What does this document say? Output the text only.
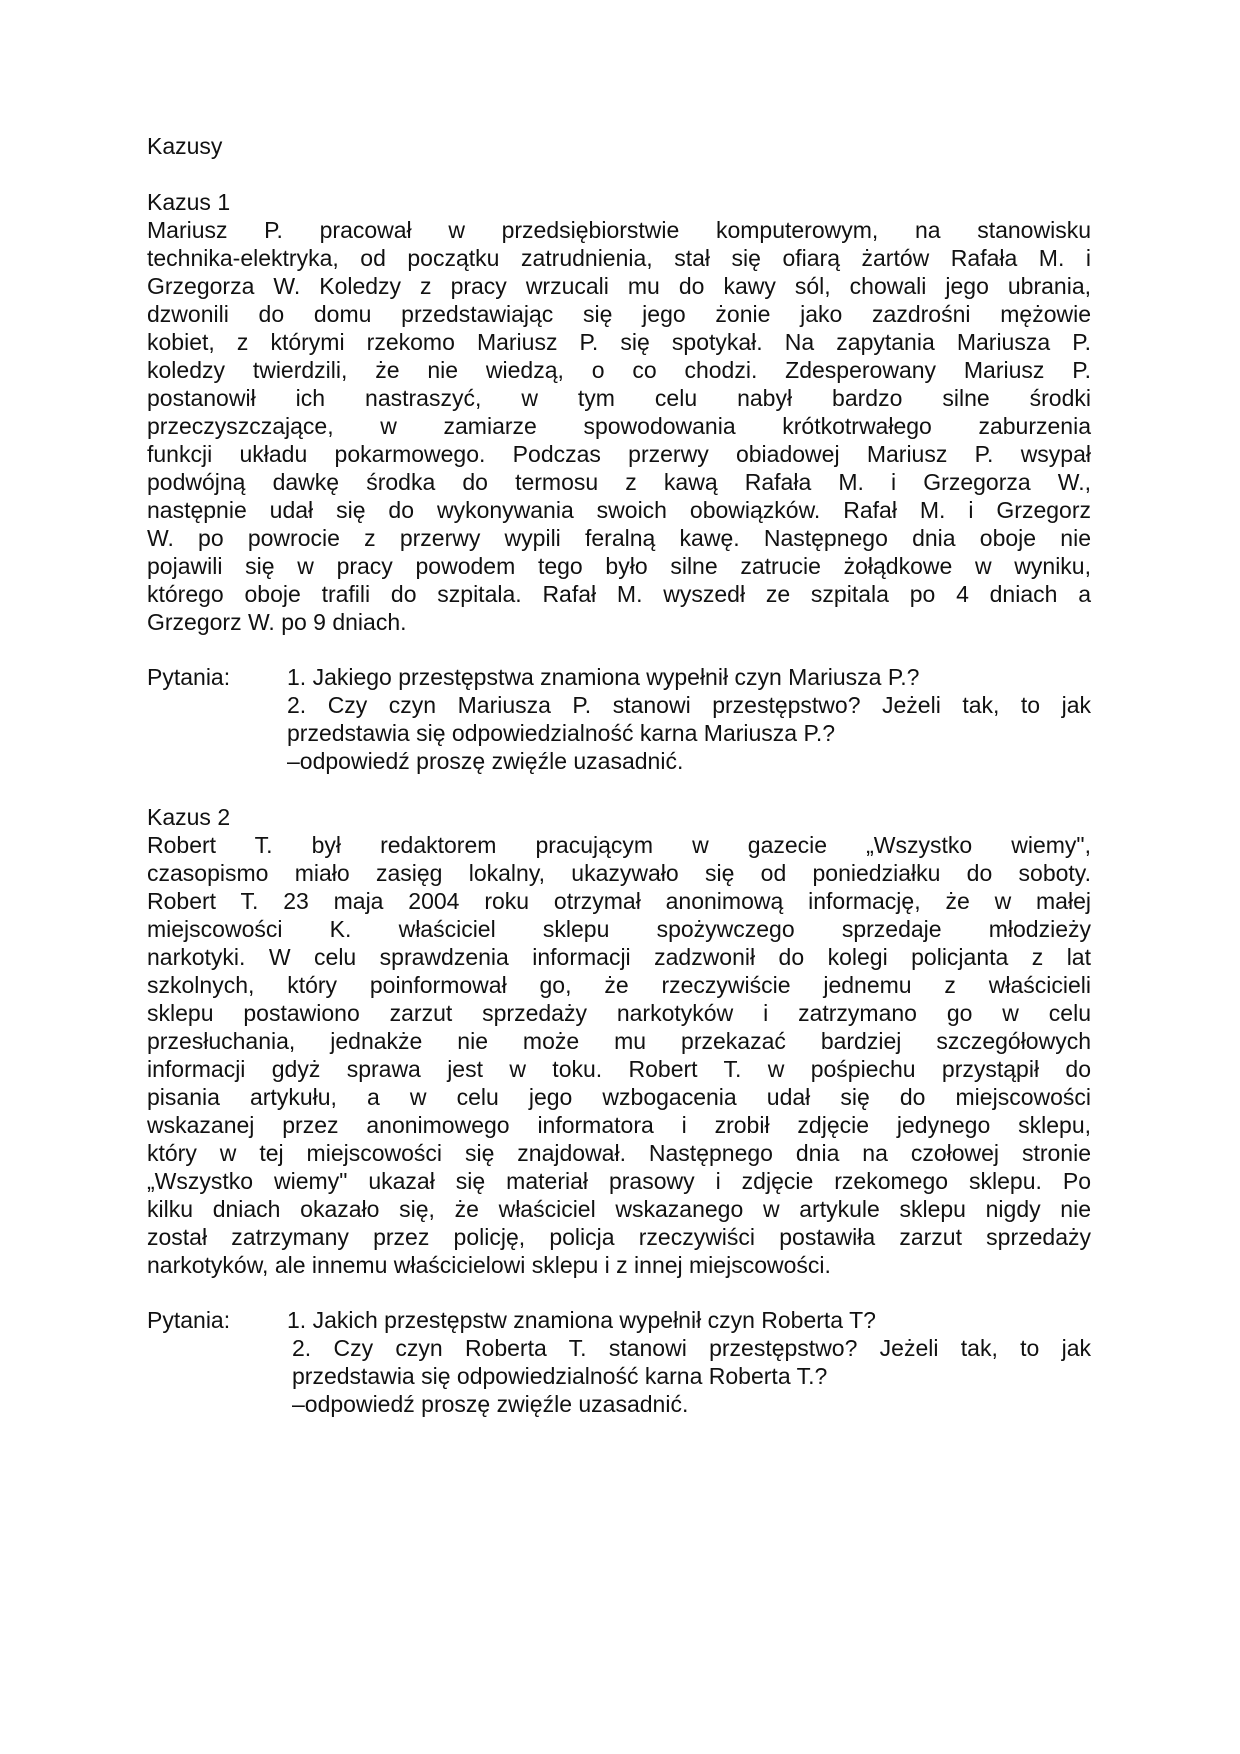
Kazusy
Kazus 1
Mariusz P. pracował w przedsiębiorstwie komputerowym, na stanowisku
technika-elektryka, od początku zatrudnienia, stał się ofiarą żartów Rafała M. i
Grzegorza W. Koledzy z pracy wrzucali mu do kawy sól, chowali jego ubrania,
dzwonili do domu przedstawiając się jego żonie jako zazdrośni mężowie
kobiet, z którymi rzekomo Mariusz P. się spotykał. Na zapytania Mariusza P.
koledzy twierdzili, że nie wiedzą, o co chodzi. Zdesperowany Mariusz P.
postanowił ich nastraszyć, w tym celu nabył bardzo silne środki
przeczyszczające, w zamiarze spowodowania krótkotrwałego zaburzenia
funkcji układu pokarmowego. Podczas przerwy obiadowej Mariusz P. wsypał
podwójną dawkę środka do termosu z kawą Rafała M. i Grzegorza W.,
następnie udał się do wykonywania swoich obowiązków. Rafał M. i Grzegorz
W. po powrocie z przerwy wypili feralną kawę. Następnego dnia oboje nie
pojawili się w pracy powodem tego było silne zatrucie żołądkowe w wyniku,
którego oboje trafili do szpitala. Rafał M. wyszedł ze szpitala po 4 dniach a
Grzegorz W. po 9 dniach.
Pytania: 1. Jakiego przestępstwa znamiona wypełnił czyn Mariusza P.?
2. Czy czyn Mariusza P. stanowi przestępstwo? Jeżeli tak, to jak
przedstawia się odpowiedzialność karna Mariusza P.?
–odpowiedź proszę zwięźle uzasadnić.
Kazus 2
Robert T. był redaktorem pracującym w gazecie „Wszystko wiemy",
czasopismo miało zasięg lokalny, ukazywało się od poniedziałku do soboty.
Robert T. 23 maja 2004 roku otrzymał anonimową informację, że w małej
miejscowości K. właściciel sklepu spożywczego sprzedaje młodzieży
narkotyki. W celu sprawdzenia informacji zadzwonił do kolegi policjanta z lat
szkolnych, który poinformował go, że rzeczywiście jednemu z właścicieli
sklepu postawiono zarzut sprzedaży narkotyków i zatrzymano go w celu
przesłuchania, jednakże nie może mu przekazać bardziej szczegółowych
informacji gdyż sprawa jest w toku. Robert T. w pośpiechu przystąpił do
pisania artykułu, a w celu jego wzbogacenia udał się do miejscowości
wskazanej przez anonimowego informatora i zrobił zdjęcie jedynego sklepu,
który w tej miejscowości się znajdował. Następnego dnia na czołowej stronie
„Wszystko wiemy" ukazał się materiał prasowy i zdjęcie rzekomego sklepu. Po
kilku dniach okazało się, że właściciel wskazanego w artykule sklepu nigdy nie
został zatrzymany przez policję, policja rzeczywiści postawiła zarzut sprzedaży
narkotyków, ale innemu właścicielowi sklepu i z innej miejscowości.
Pytania: 1. Jakich przestępstw znamiona wypełnił czyn Roberta T?
2. Czy czyn Roberta T. stanowi przestępstwo? Jeżeli tak, to jak
przedstawia się odpowiedzialność karna Roberta T.?
–odpowiedź proszę zwięźle uzasadnić.
